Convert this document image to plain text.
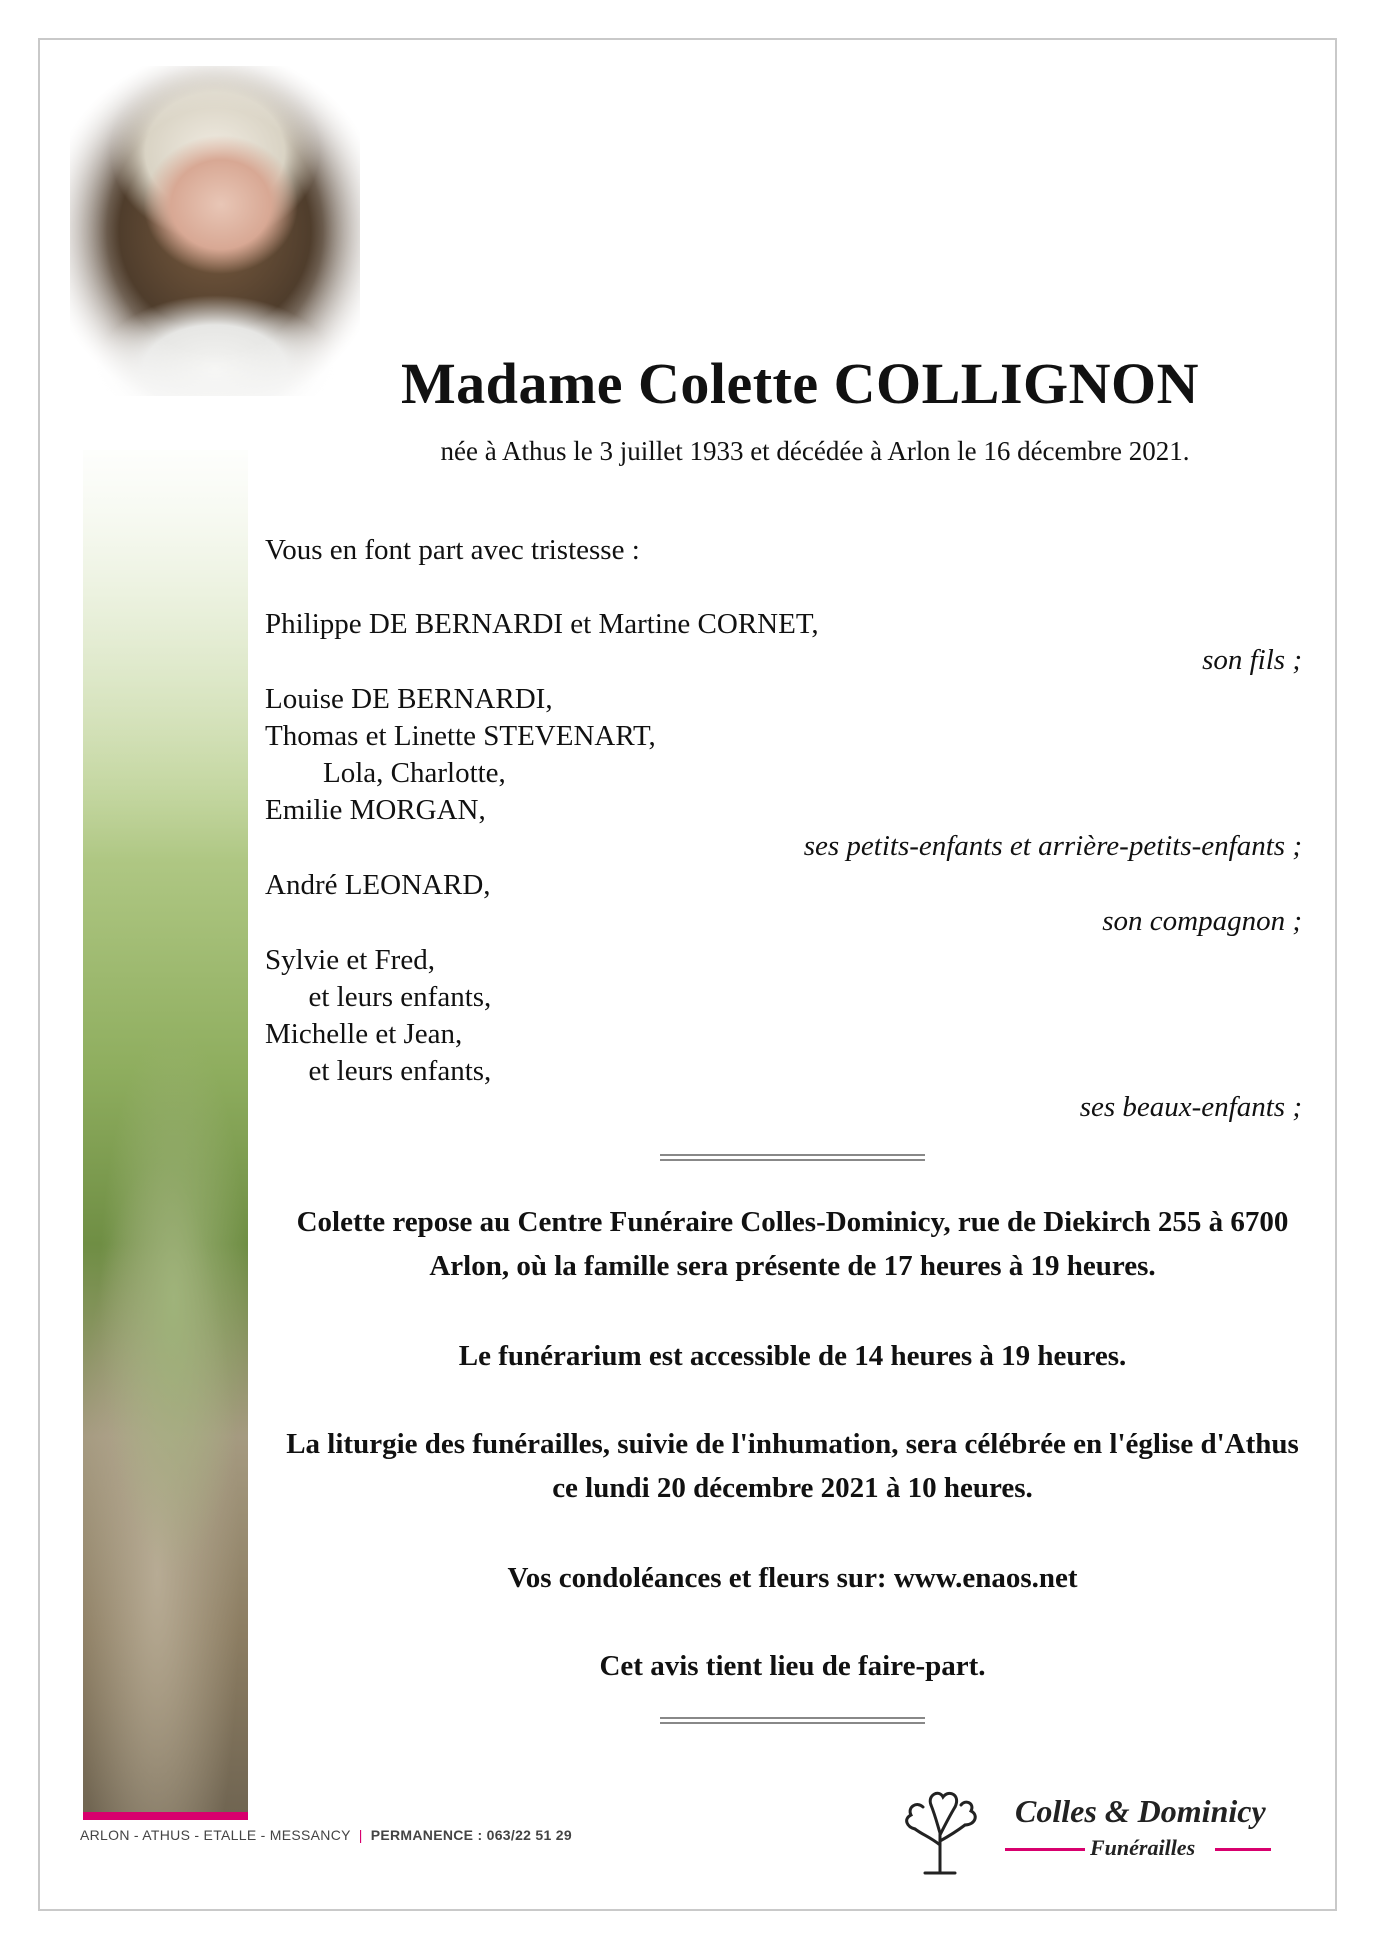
Madame Colette COLLIGNON
née à Athus le 3 juillet 1933 et décédée à Arlon le 16 décembre 2021.
Vous en font part avec tristesse :
Philippe DE BERNARDI et Martine CORNET,
son fils ;
Louise DE BERNARDI,
Thomas et Linette STEVENART,
Lola, Charlotte,
Emilie MORGAN,
ses petits-enfants et arrière-petits-enfants ;
André LEONARD,
son compagnon ;
Sylvie et Fred,
et leurs enfants,
Michelle et Jean,
et leurs enfants,
ses beaux-enfants ;
Colette repose au Centre Funéraire Colles-Dominicy, rue de Diekirch 255 à 6700 Arlon, où la famille sera présente de 17 heures à 19 heures.
Le funérarium est accessible de 14 heures à 19 heures.
La liturgie des funérailles, suivie de l'inhumation, sera célébrée en l'église d'Athus ce lundi 20 décembre 2021 à 10 heures.
Vos condoléances et fleurs sur: www.enaos.net
Cet avis tient lieu de faire-part.
ARLON - ATHUS - ETALLE - MESSANCY | PERMANENCE : 063/22 51 29
Colles & Dominicy
Funérailles
